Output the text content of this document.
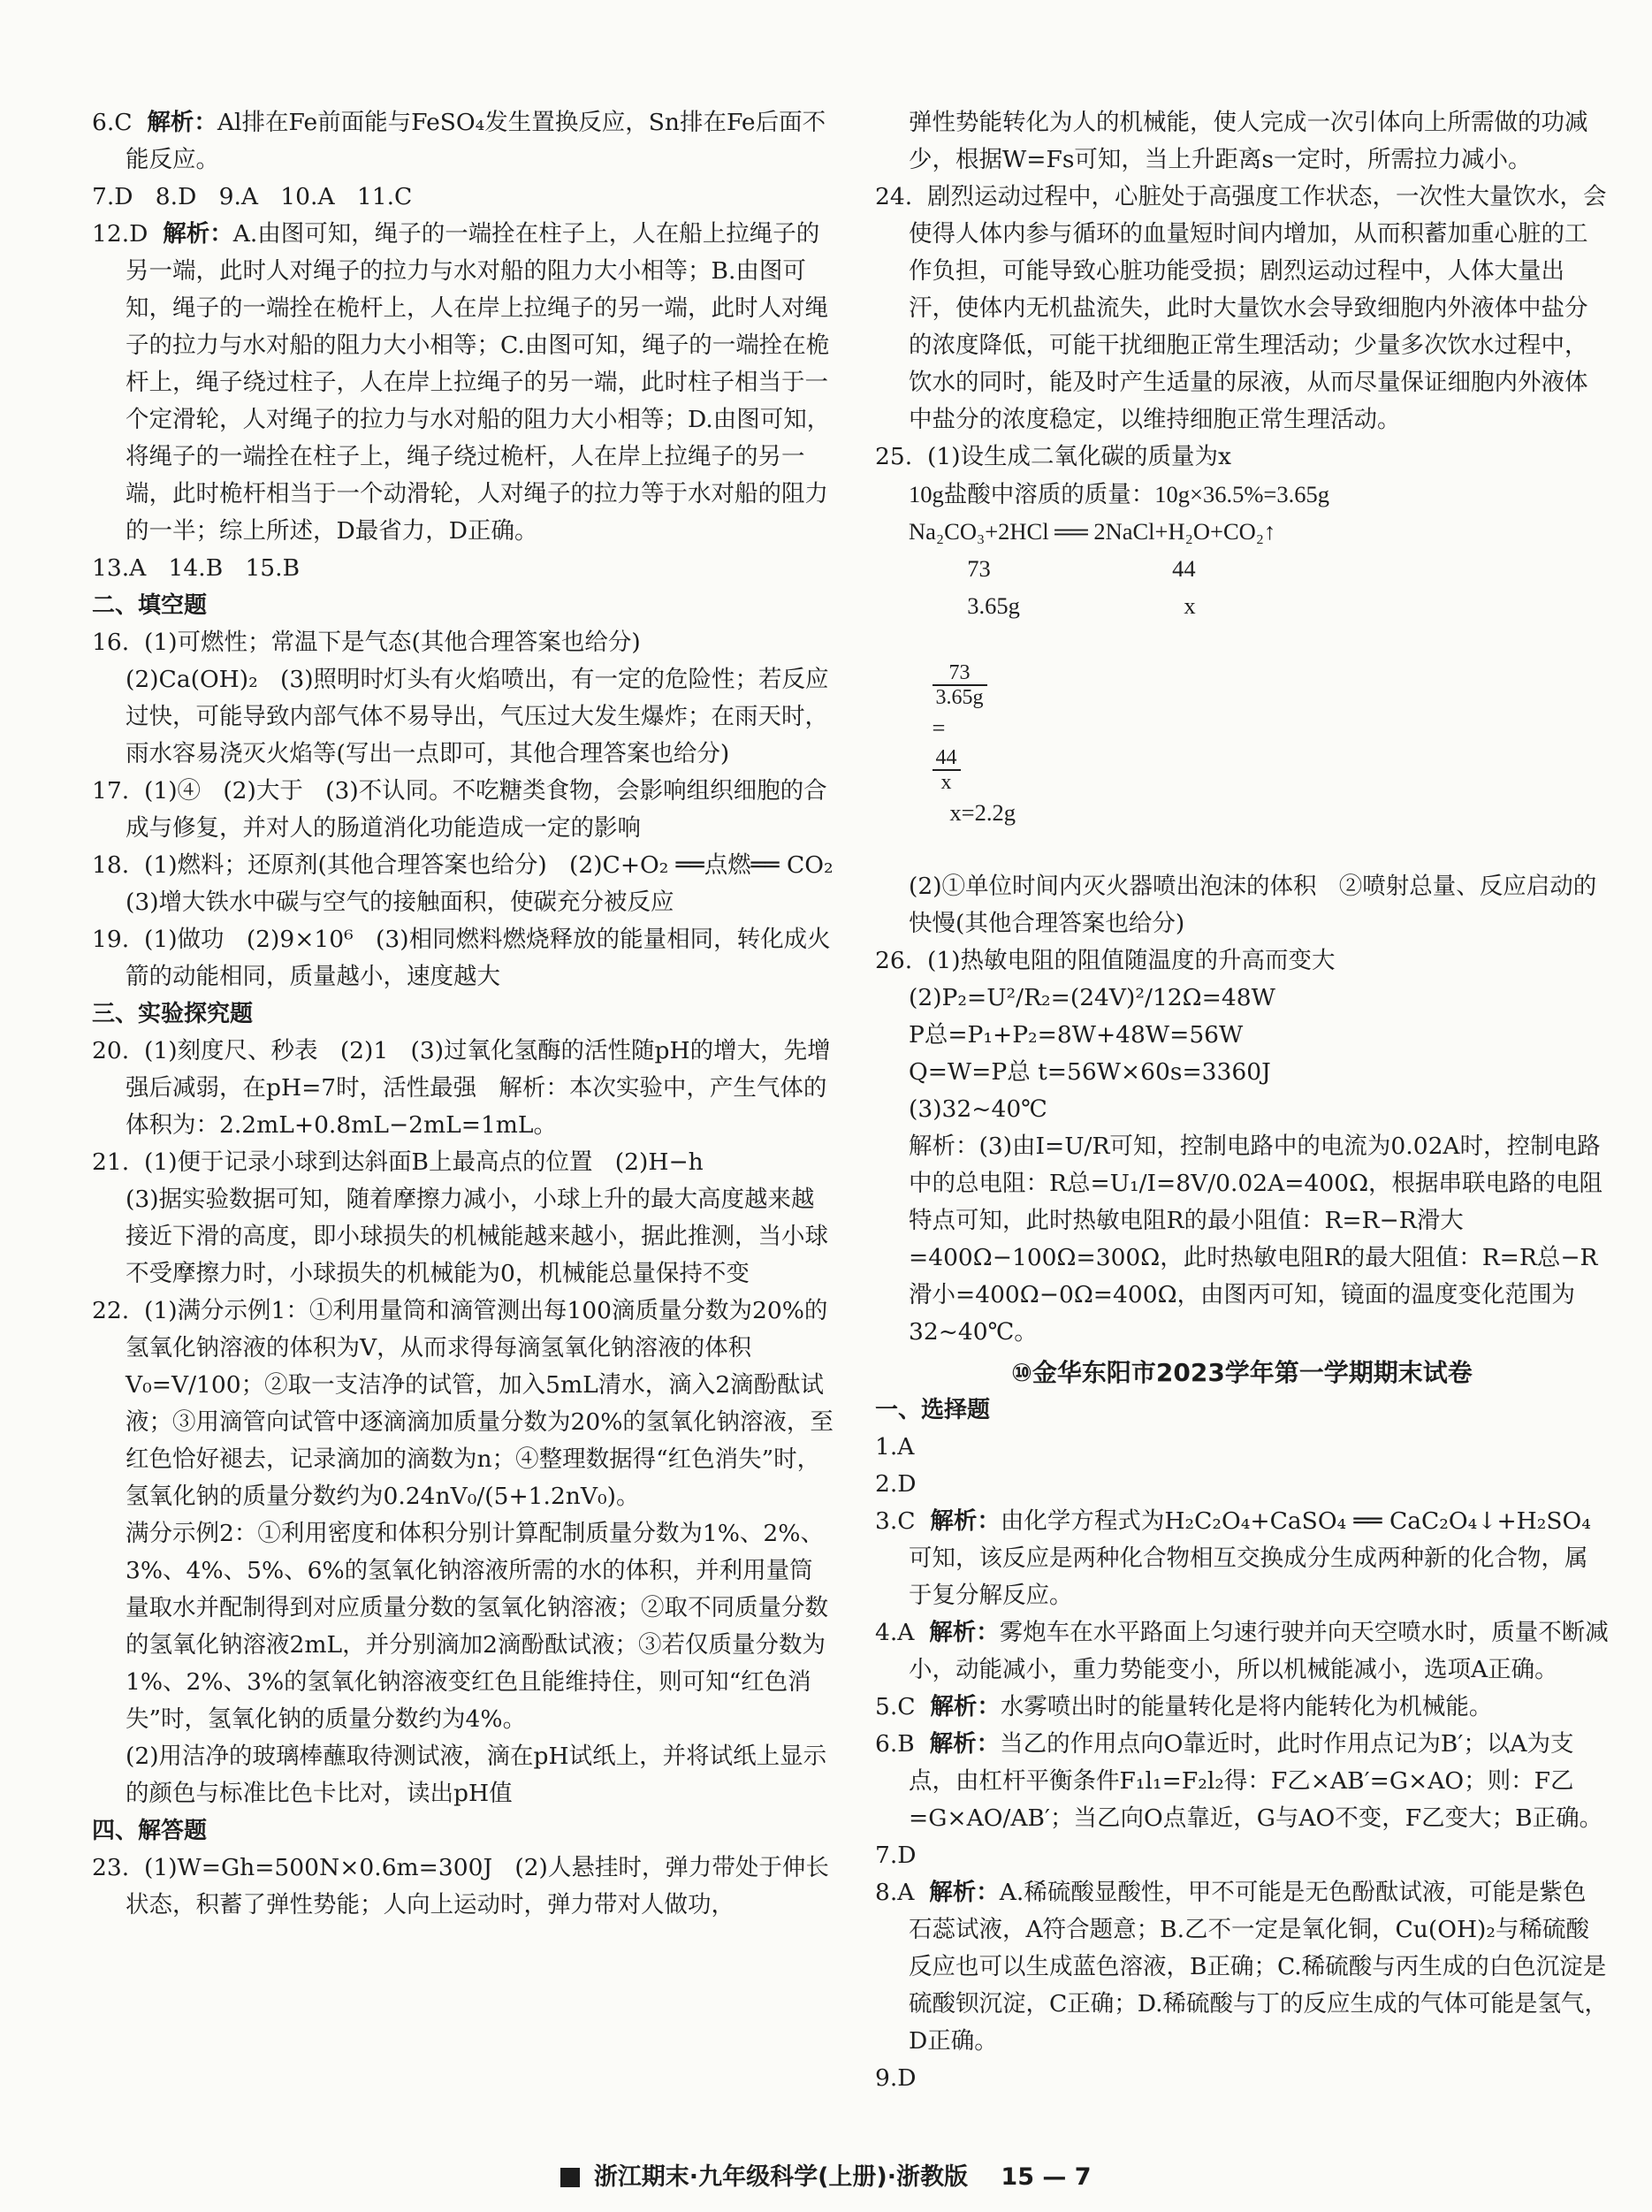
6.C 解析：Al排在Fe前面能与FeSO₄发生置换反应，Sn排在Fe后面不能反应。

7.D   8.D   9.A   10.A   11.C

12.D 解析：A.由图可知，绳子的一端拴在柱子上，人在船上拉绳子的另一端，此时人对绳子的拉力与水对船的阻力大小相等；B.由图可知，绳子的一端拴在桅杆上，人在岸上拉绳子的另一端，此时人对绳子的拉力与水对船的阻力大小相等；C.由图可知，绳子的一端拴在桅杆上，绳子绕过柱子，人在岸上拉绳子的另一端，此时柱子相当于一个定滑轮，人对绳子的拉力与水对船的阻力大小相等；D.由图可知，将绳子的一端拴在柱子上，绳子绕过桅杆，人在岸上拉绳子的另一端，此时桅杆相当于一个动滑轮，人对绳子的拉力等于水对船的阻力的一半；综上所述，D最省力，D正确。

13.A   14.B   15.B

二、填空题

16. (1)可燃性；常温下是气态(其他合理答案也给分)

(2)Ca(OH)₂   (3)照明时灯头有火焰喷出，有一定的危险性；若反应过快，可能导致内部气体不易导出，气压过大发生爆炸；在雨天时，雨水容易浇灭火焰等(写出一点即可，其他合理答案也给分)

17. (1)④   (2)大于   (3)不认同。不吃糖类食物，会影响组织细胞的合成与修复，并对人的肠道消化功能造成一定的影响

18. (1)燃料；还原剂(其他合理答案也给分)   (2)C+O₂ ══点燃══ CO₂

(3)增大铁水中碳与空气的接触面积，使碳充分被反应

19. (1)做功   (2)9×10⁶   (3)相同燃料燃烧释放的能量相同，转化成火箭的动能相同，质量越小，速度越大

三、实验探究题

20. (1)刻度尺、秒表   (2)1   (3)过氧化氢酶的活性随pH的增大，先增强后减弱，在pH=7时，活性最强   解析：本次实验中，产生气体的体积为：2.2mL+0.8mL−2mL=1mL。

21. (1)便于记录小球到达斜面B上最高点的位置   (2)H−h

(3)据实验数据可知，随着摩擦力减小，小球上升的最大高度越来越接近下滑的高度，即小球损失的机械能越来越小，据此推测，当小球不受摩擦力时，小球损失的机械能为0，机械能总量保持不变

22. (1)满分示例1：①利用量筒和滴管测出每100滴质量分数为20%的氢氧化钠溶液的体积为V，从而求得每滴氢氧化钠溶液的体积V₀=V/100；②取一支洁净的试管，加入5mL清水，滴入2滴酚酞试液；③用滴管向试管中逐滴滴加质量分数为20%的氢氧化钠溶液，至红色恰好褪去，记录滴加的滴数为n；④整理数据得“红色消失”时，氢氧化钠的质量分数约为0.24nV₀/(5+1.2nV₀)。

满分示例2：①利用密度和体积分别计算配制质量分数为1%、2%、3%、4%、5%、6%的氢氧化钠溶液所需的水的体积，并利用量筒量取水并配制得到对应质量分数的氢氧化钠溶液；②取不同质量分数的氢氧化钠溶液2mL，并分别滴加2滴酚酞试液；③若仅质量分数为1%、2%、3%的氢氧化钠溶液变红色且能维持住，则可知“红色消失”时，氢氧化钠的质量分数约为4%。

(2)用洁净的玻璃棒蘸取待测试液，滴在pH试纸上，并将试纸上显示的颜色与标准比色卡比对，读出pH值

四、解答题

23. (1)W=Gh=500N×0.6m=300J   (2)人悬挂时，弹力带处于伸长状态，积蓄了弹性势能；人向上运动时，弹力带对人做功，

弹性势能转化为人的机械能，使人完成一次引体向上所需做的功减少，根据W=Fs可知，当上升距离s一定时，所需拉力减小。

24. 剧烈运动过程中，心脏处于高强度工作状态，一次性大量饮水，会使得人体内参与循环的血量短时间内增加，从而积蓄加重心脏的工作负担，可能导致心脏功能受损；剧烈运动过程中，人体大量出汗，使体内无机盐流失，此时大量饮水会导致细胞内外液体中盐分的浓度降低，可能干扰细胞正常生理活动；少量多次饮水过程中，饮水的同时，能及时产生适量的尿液，从而尽量保证细胞内外液体中盐分的浓度稳定，以维持细胞正常生理活动。

25. (1)设生成二氧化碳的质量为x

10g盐酸中溶质的质量：10g×36.5%=3.65g

Na₂CO₃+2HCl ══ 2NaCl+H₂O+CO₂↑

73                               44

3.65g                            x

$\frac{73}{3.65g}$

=

$\frac{44}{x}$

x=2.2g

(2)①单位时间内灭火器喷出泡沫的体积   ②喷射总量、反应启动的快慢(其他合理答案也给分)

26. (1)热敏电阻的阻值随温度的升高而变大

(2)P₂=U²/R₂=(24V)²/12Ω=48W

P总=P₁+P₂=8W+48W=56W

Q=W=P总 t=56W×60s=3360J

(3)32~40℃

解析：(3)由I=U/R可知，控制电路中的电流为0.02A时，控制电路中的总电阻：R总=U₁/I=8V/0.02A=400Ω，根据串联电路的电阻特点可知，此时热敏电阻R的最小阻值：R=R−R滑大=400Ω−100Ω=300Ω，此时热敏电阻R的最大阻值：R=R总−R滑小=400Ω−0Ω=400Ω，由图丙可知，镜面的温度变化范围为32~40℃。

⑩金华东阳市2023学年第一学期期末试卷

一、选择题

1.A

2.D

3.C 解析：由化学方程式为H₂C₂O₄+CaSO₄ ══ CaC₂O₄↓+H₂SO₄可知，该反应是两种化合物相互交换成分生成两种新的化合物，属于复分解反应。

4.A 解析：雾炮车在水平路面上匀速行驶并向天空喷水时，质量不断减小，动能减小，重力势能变小，所以机械能减小，选项A正确。

5.C 解析：水雾喷出时的能量转化是将内能转化为机械能。

6.B 解析：当乙的作用点向O靠近时，此时作用点记为B′；以A为支点，由杠杆平衡条件F₁l₁=F₂l₂得：F乙×AB′=G×AO；则：F乙=G×AO/AB′；当乙向O点靠近，G与AO不变，F乙变大；B正确。

7.D

8.A 解析：A.稀硫酸显酸性，甲不可能是无色酚酞试液，可能是紫色石蕊试液，A符合题意；B.乙不一定是氧化铜，Cu(OH)₂与稀硫酸反应也可以生成蓝色溶液，B正确；C.稀硫酸与丙生成的白色沉淀是硫酸钡沉淀，C正确；D.稀硫酸与丁的反应生成的气体可能是氢气，D正确。

9.D

浙江期末·九年级科学(上册)·浙教版 15 — 7
